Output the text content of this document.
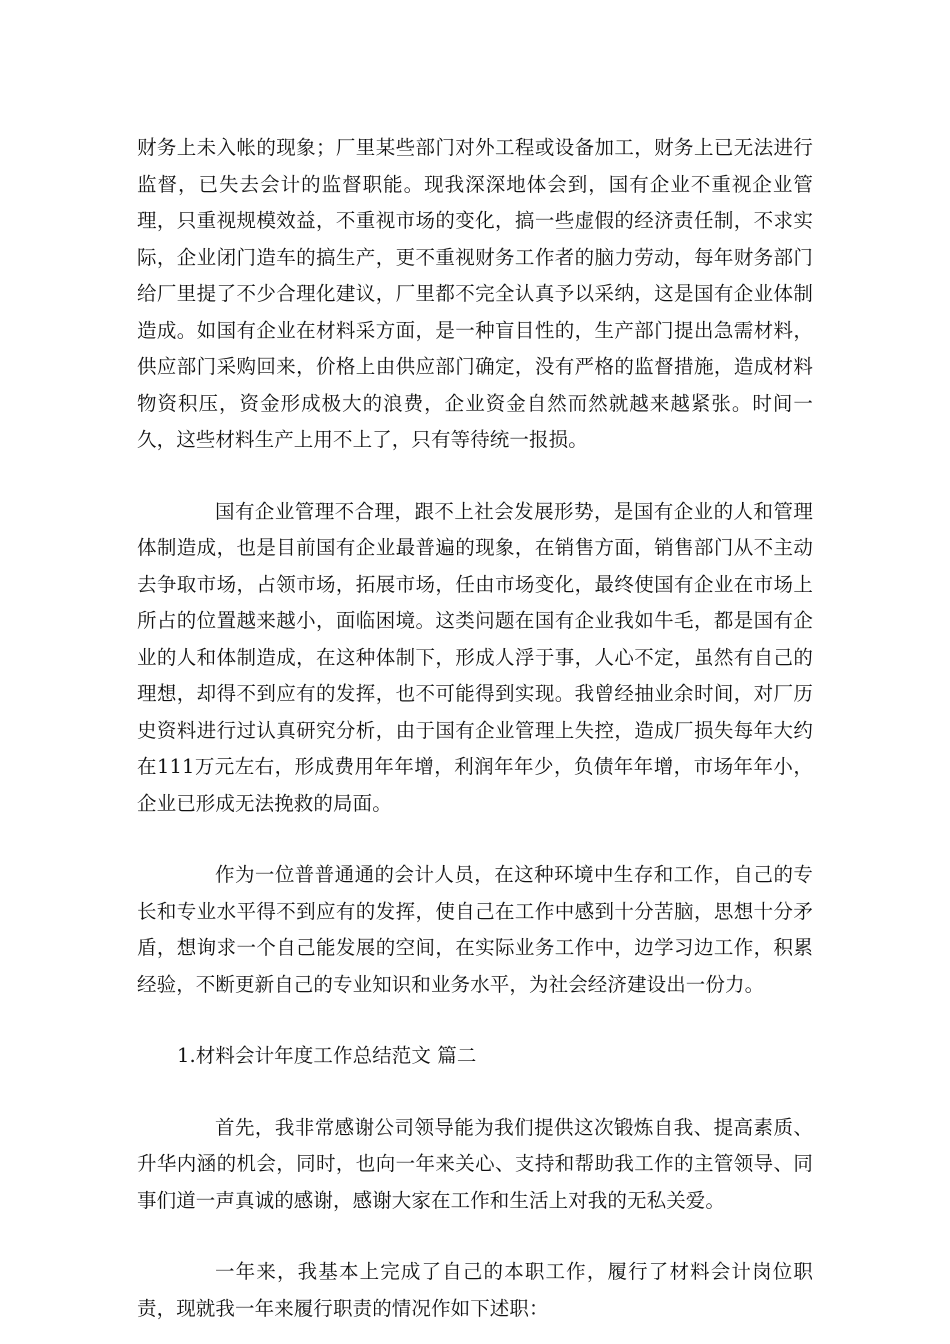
财务上未入帐的现象；厂里某些部门对外工程或设备加工，财务上已无法进行监督，已失去会计的监督职能。现我深深地体会到，国有企业不重视企业管理，只重视规模效益，不重视市场的变化，搞一些虚假的经济责任制，不求实际，企业闭门造车的搞生产，更不重视财务工作者的脑力劳动，每年财务部门给厂里提了不少合理化建议，厂里都不完全认真予以采纳，这是国有企业体制造成。如国有企业在材料采方面，是一种盲目性的，生产部门提出急需材料，供应部门采购回来，价格上由供应部门确定，没有严格的监督措施，造成材料物资积压，资金形成极大的浪费，企业资金自然而然就越来越紧张。时间一久，这些材料生产上用不上了，只有等待统一报损。

国有企业管理不合理，跟不上社会发展形势，是国有企业的人和管理体制造成，也是目前国有企业最普遍的现象，在销售方面，销售部门从不主动去争取市场，占领市场，拓展市场，任由市场变化，最终使国有企业在市场上所占的位置越来越小，面临困境。这类问题在国有企业我如牛毛，都是国有企业的人和体制造成，在这种体制下，形成人浮于事，人心不定，虽然有自己的理想，却得不到应有的发挥，也不可能得到实现。我曾经抽业余时间，对厂历史资料进行过认真研究分析，由于国有企业管理上失控，造成厂损失每年大约在111万元左右，形成费用年年增，利润年年少，负债年年增，市场年年小，企业已形成无法挽救的局面。

作为一位普普通通的会计人员，在这种环境中生存和工作，自己的专长和专业水平得不到应有的发挥，使自己在工作中感到十分苦脑，思想十分矛盾，想询求一个自己能发展的空间，在实际业务工作中，边学习边工作，积累经验，不断更新自己的专业知识和业务水平，为社会经济建设出一份力。

1.材料会计年度工作总结范文 篇二

首先，我非常感谢公司领导能为我们提供这次锻炼自我、提高素质、升华内涵的机会，同时，也向一年来关心、支持和帮助我工作的主管领导、同事们道一声真诚的感谢，感谢大家在工作和生活上对我的无私关爱。

一年来，我基本上完成了自己的本职工作，履行了材料会计岗位职责，现就我一年来履行职责的情况作如下述职：
